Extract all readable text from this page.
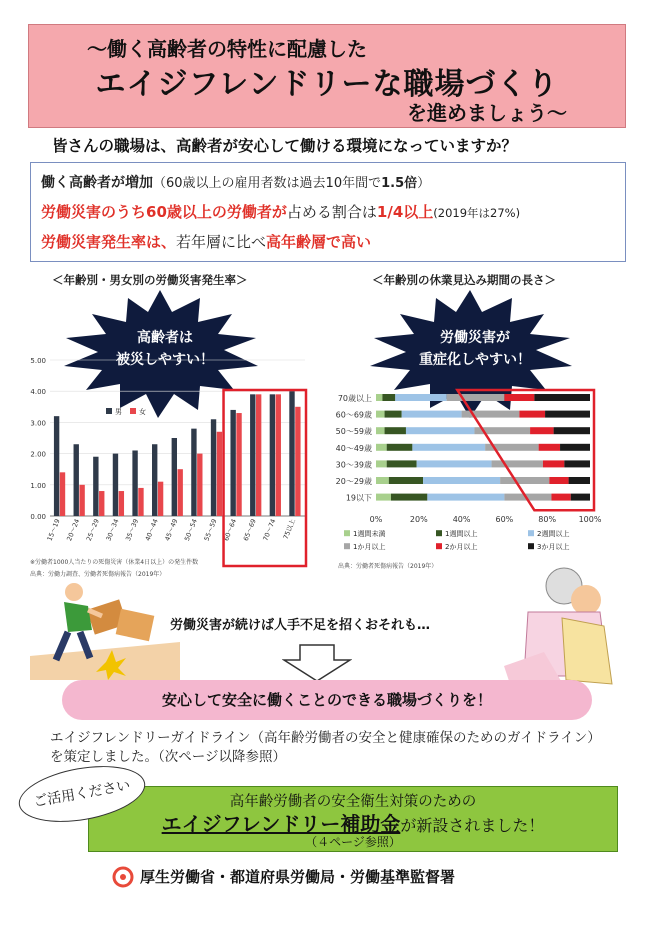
～働く高齢者の特性に配慮した
エイジフレンドリーな職場づくり
を進めましょう～
皆さんの職場は、高齢者が安心して働ける環境になっていますか？
働く高齢者が増加（60歳以上の雇用者数は過去10年間で1.5倍）
労働災害のうち60歳以上の労働者が占める割合は1/4以上(2019年は27%)
労働災害発生率は、若年層に比べ高年齢層で高い
＜年齢別・男女別の労働災害発生率＞	＜年齢別の休業見込み期間の長さ＞
高齢者は
被災しやすい！
0.00
1.00
2.00
3.00
4.00
5.00
15～19 20～24 25～29 30～34 35～39 40～44 45～49 50～54 55～59 60～64 65～69 70～74 75以上
男 女
※労働者1000人当たりの死傷災害（休業4日以上）の発生件数
出典：労働力調査、労働者死傷病報告（2019年）
労働災害が
重症化しやすい！
70歳以上
60～69歳
50～59歳
40～49歳
30～39歳
20～29歳
19以下
0%	20%	40%	60%	80%	100%
1週間未満	1週間以上	2週間以上
1か月以上	2か月以上	3か月以上
出典：労働者死傷病報告（2019年）
労働災害が続けば人手不足を招くおそれも…
安心して安全に働くことのできる職場づくりを！
エイジフレンドリーガイドライン（高年齢労働者の安全と健康確保のためのガイドライン）を策定しました。（次ページ以降参照）
高年齢労働者の安全衛生対策のための
エイジフレンドリー補助金が新設されました！
（４ページ参照）
ご活用ください
厚生労働省・都道府県労働局・労働基準監督署
